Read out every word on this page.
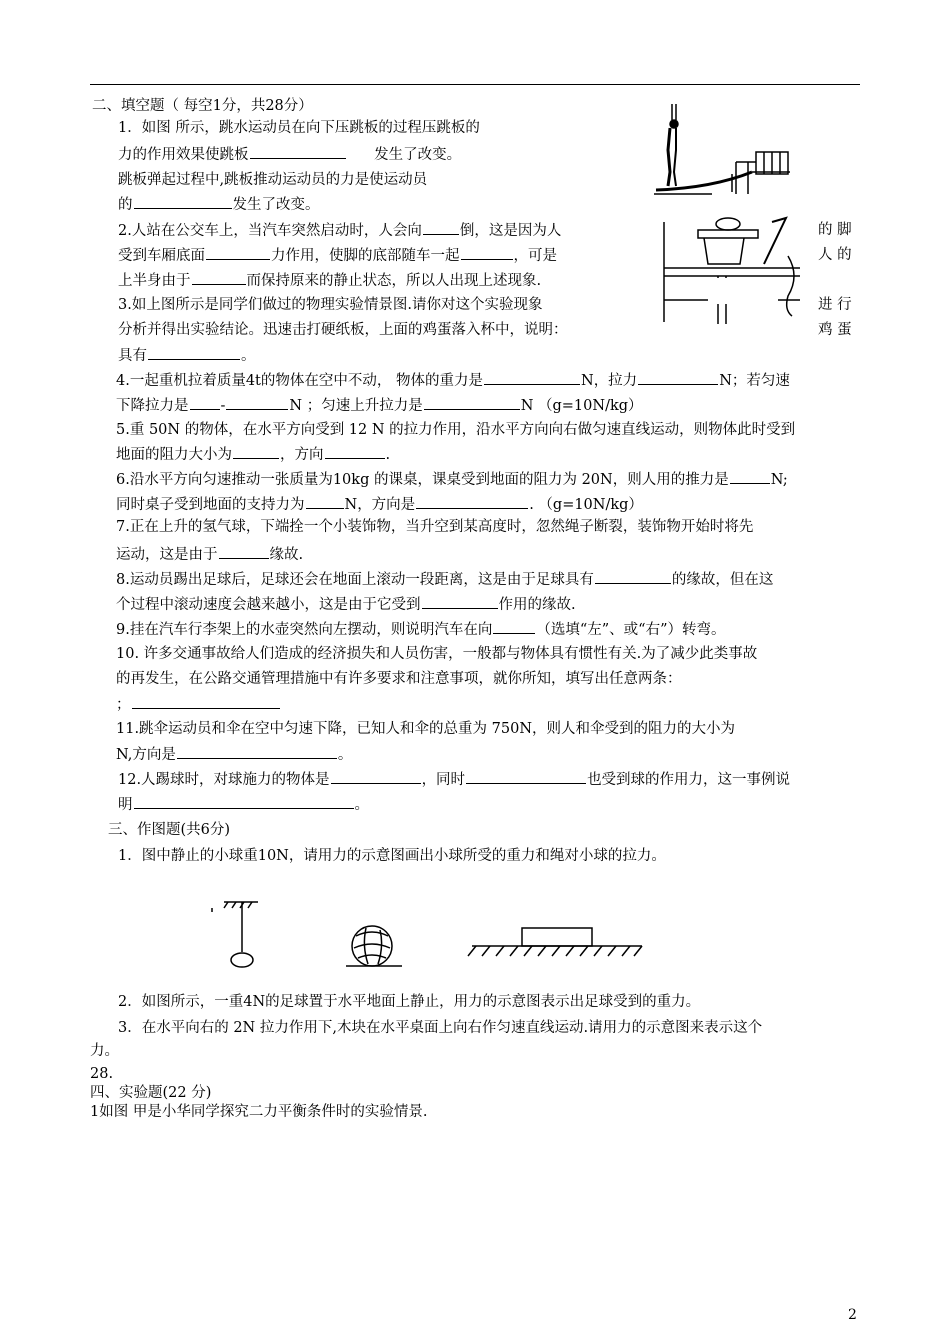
二、填空题（ 每空1分，共28分）
1．如图 所示，跳水运动员在向下压跳板的过程压跳板的
力的作用效果使跳板	发生了改变。
跳板弹起过程中,跳板推动运动员的力是使运动员
的	发生了改变。
2.人站在公交车上，当汽车突然启动时，人会向	倒，这是因为人	的 脚
受到车厢底面	力作用，使脚的底部随车一起	，可是	人 的
上半身由于	而保持原来的静止状态，所以人出现上述现象.
3.如上图所示是同学们做过的物理实验情景图.请你对这个实验现象	进 行
分析并得出实验结论。迅速击打硬纸板，上面的鸡蛋落入杯中，说明：	鸡 蛋
具有	。
4.一起重机拉着质量4t的物体在空中不动， 物体的重力是	N，拉力	N；若匀速
下降拉力是 -	N ；匀速上升拉力是	N （g=10N/kg）
5.重 50N 的物体，在水平方向受到 12 N 的拉力作用，沿水平方向向右做匀速直线运动，则物体此时受到
地面的阻力大小为	，方向	.
6.沿水平方向匀速推动一张质量为10kg 的课桌，课桌受到地面的阻力为 20N，则人用的推力是	N;
同时桌子受到地面的支持力为	N，方向是	. （g=10N/kg）
7.正在上升的氢气球，下端拴一个小装饰物，当升空到某高度时，忽然绳子断裂，装饰物开始时将先
运动，这是由于	缘故.
8.运动员踢出足球后，足球还会在地面上滚动一段距离，这是由于足球具有	的缘故，但在这
个过程中滚动速度会越来越小，这是由于它受到	作用的缘故.
9.挂在汽车行李架上的水壶突然向左摆动，则说明汽车在向	（选填“左”、或“右”）转弯。
10. 许多交通事故给人们造成的经济损失和人员伤害，一般都与物体具有惯性有关.为了减少此类事故
的再发生，在公路交通管理措施中有许多要求和注意事项，就你所知，填写出任意两条：
；
11.跳伞运动员和伞在空中匀速下降，已知人和伞的总重为 750N，则人和伞受到的阻力的大小为
N,方向是	。
12.人踢球时，对球施力的物体是	，同时	也受到球的作用力，这一事例说
明	。
三、作图题(共6分)
1．图中静止的小球重10N，请用力的示意图画出小球所受的重力和绳对小球的拉力。
2．如图所示，一重4N的足球置于水平地面上静止，用力的示意图表示出足球受到的重力。
3．在水平向右的 2N 拉力作用下,木块在水平桌面上向右作匀速直线运动.请用力的示意图来表示这个
力。
28.
四、实验题(22 分)
1如图 甲是小华同学探究二力平衡条件时的实验情景.
2
